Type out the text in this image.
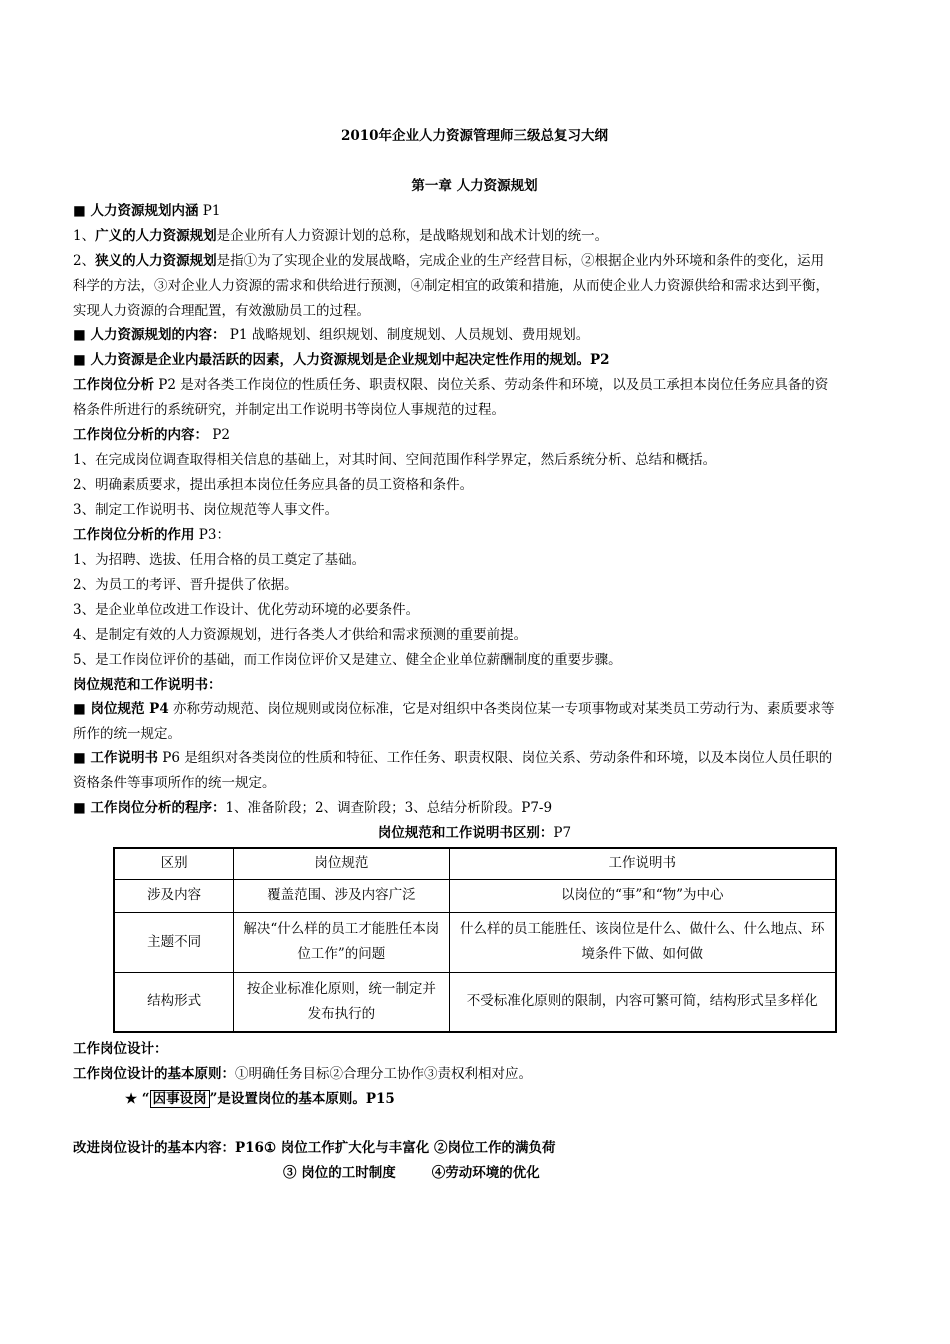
2010年企业人力资源管理师三级总复习大纲
第一章 人力资源规划
■ 人力资源规划内涵 P1
1、广义的人力资源规划是企业所有人力资源计划的总称，是战略规划和战术计划的统一。
2、狭义的人力资源规划是指①为了实现企业的发展战略，完成企业的生产经营目标，②根据企业内外环境和条件的变化，运用
科学的方法，③对企业人力资源的需求和供给进行预测，④制定相宜的政策和措施，从而使企业人力资源供给和需求达到平衡，
实现人力资源的合理配置，有效激励员工的过程。
■ 人力资源规划的内容： P1 战略规划、组织规划、制度规划、人员规划、费用规划。
■ 人力资源是企业内最活跃的因素，人力资源规划是企业规划中起决定性作用的规划。P2
工作岗位分析 P2 是对各类工作岗位的性质任务、职责权限、岗位关系、劳动条件和环境，以及员工承担本岗位任务应具备的资
格条件所进行的系统研究，并制定出工作说明书等岗位人事规范的过程。
工作岗位分析的内容： P2
1、在完成岗位调查取得相关信息的基础上，对其时间、空间范围作科学界定，然后系统分析、总结和概括。
2、明确素质要求，提出承担本岗位任务应具备的员工资格和条件。
3、制定工作说明书、岗位规范等人事文件。
工作岗位分析的作用 P3：
1、为招聘、选拔、任用合格的员工奠定了基础。
2、为员工的考评、晋升提供了依据。
3、是企业单位改进工作设计、优化劳动环境的必要条件。
4、是制定有效的人力资源规划，进行各类人才供给和需求预测的重要前提。
5、是工作岗位评价的基础，而工作岗位评价又是建立、健全企业单位薪酬制度的重要步骤。
岗位规范和工作说明书：
■ 岗位规范 P4 亦称劳动规范、岗位规则或岗位标准，它是对组织中各类岗位某一专项事物或对某类员工劳动行为、素质要求等
所作的统一规定。
■ 工作说明书 P6 是组织对各类岗位的性质和特征、工作任务、职责权限、岗位关系、劳动条件和环境，以及本岗位人员任职的
资格条件等事项所作的统一规定。
■ 工作岗位分析的程序：1、准备阶段；2、调查阶段；3、总结分析阶段。P7-9
岗位规范和工作说明书区别：P7
区别	岗位规范	工作说明书
涉及内容	覆盖范围、涉及内容广泛	以岗位的“事”和“物”为中心
主题不同	解决“什么样的员工才能胜任本岗位工作”的问题	什么样的员工能胜任、该岗位是什么、做什么、什么地点、环境条件下做、如何做
结构形式	按企业标准化原则，统一制定并发布执行的	不受标准化原则的限制，内容可繁可简，结构形式呈多样化
工作岗位设计：
工作岗位设计的基本原则：①明确任务目标②合理分工协作③责权利相对应。
★ “ 因事设岗 ”是设置岗位的基本原则。P15
改进岗位设计的基本内容：P16① 岗位工作扩大化与丰富化 ②岗位工作的满负荷
③ 岗位的工时制度	④劳动环境的优化
